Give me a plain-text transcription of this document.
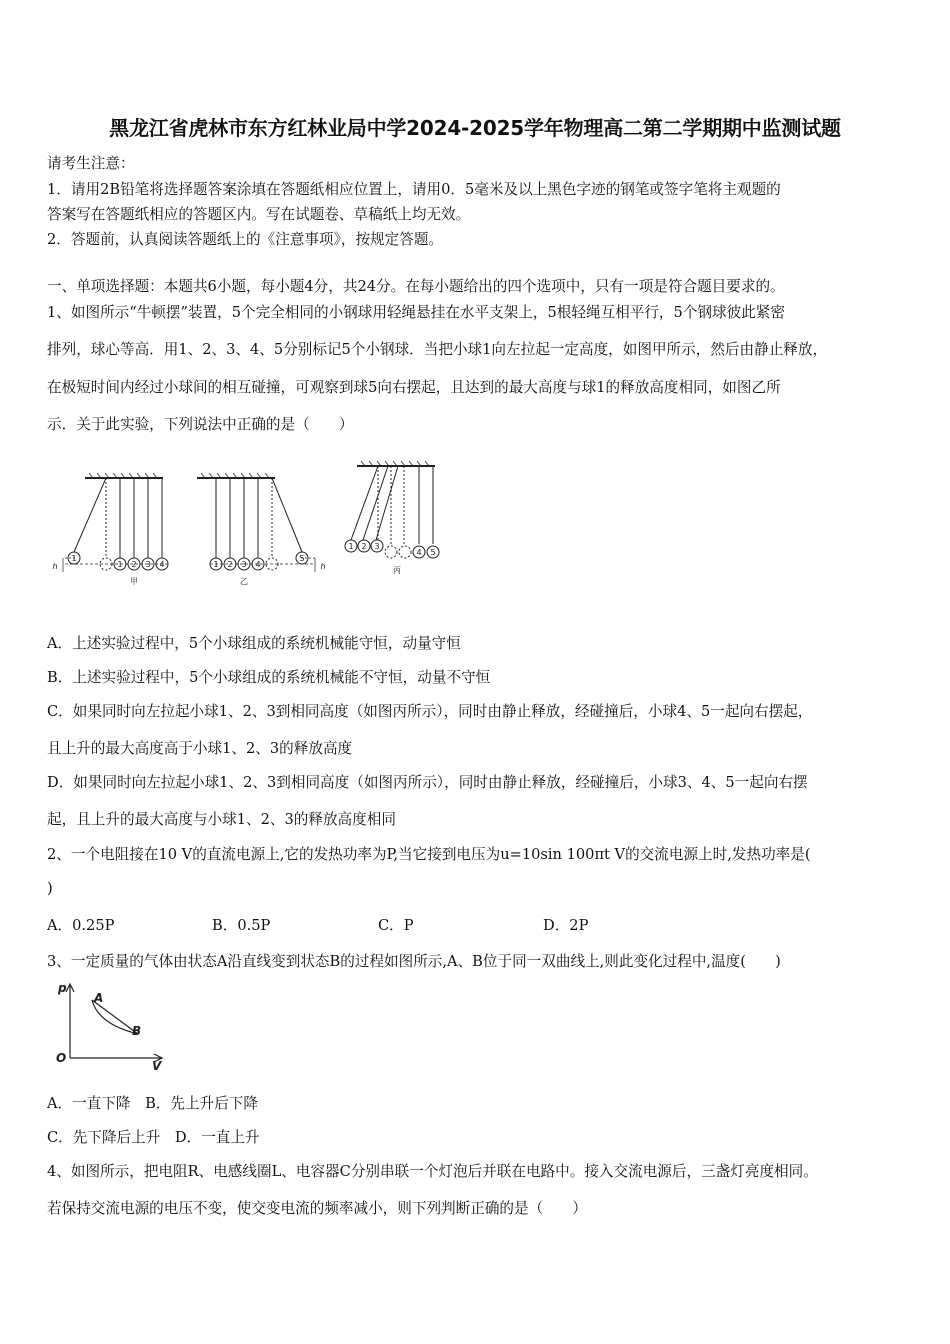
黑龙江省虎林市东方红林业局中学2024-2025学年物理高二第二学期期中监测试题
请考生注意：
1．请用2B铅笔将选择题答案涂填在答题纸相应位置上，请用0．5毫米及以上黑色字迹的钢笔或签字笔将主观题的
答案写在答题纸相应的答题区内。写在试题卷、草稿纸上均无效。
2．答题前，认真阅读答题纸上的《注意事项》，按规定答题。
一、单项选择题：本题共6小题，每小题4分，共24分。在每小题给出的四个选项中，只有一项是符合题目要求的。
1、如图所示“牛顿摆”装置，5个完全相同的小钢球用轻绳悬挂在水平支架上，5根轻绳互相平行，5个钢球彼此紧密
排列，球心等高．用1、2、3、4、5分别标记5个小钢球．当把小球1向左拉起一定高度，如图甲所示，然后由静止释放，
在极短时间内经过小球间的相互碰撞，可观察到球5向右摆起，且达到的最大高度与球1的释放高度相同，如图乙所
示．关于此实验，下列说法中正确的是（　　）
1
1 2 3 4
h
甲
1 2 3 4
5
h
乙
1 2 3
4 5
丙
A．上述实验过程中，5个小球组成的系统机械能守恒，动量守恒
B．上述实验过程中，5个小球组成的系统机械能不守恒，动量不守恒
C．如果同时向左拉起小球1、2、3到相同高度（如图丙所示），同时由静止释放，经碰撞后，小球4、5一起向右摆起，
且上升的最大高度高于小球1、2、3的释放高度
D．如果同时向左拉起小球1、2、3到相同高度（如图丙所示），同时由静止释放，经碰撞后，小球3、4、5一起向右摆
起，且上升的最大高度与小球1、2、3的释放高度相同
2、一个电阻接在10 V的直流电源上,它的发热功率为P,当它接到电压为u=10sin 100πt V的交流电源上时,发热功率是(
)
A．0.25P	B．0.5P	C．P	D．2P
3、一定质量的气体由状态A沿直线变到状态B的过程如图所示,A、B位于同一双曲线上,则此变化过程中,温度(　　)
p
V
O
A
B
A．一直下降　B．先上升后下降
C．先下降后上升　D．一直上升
4、如图所示，把电阻R、电感线圈L、电容器C分别串联一个灯泡后并联在电路中。接入交流电源后，三盏灯亮度相同。
若保持交流电源的电压不变，使交变电流的频率减小，则下列判断正确的是（　　）
